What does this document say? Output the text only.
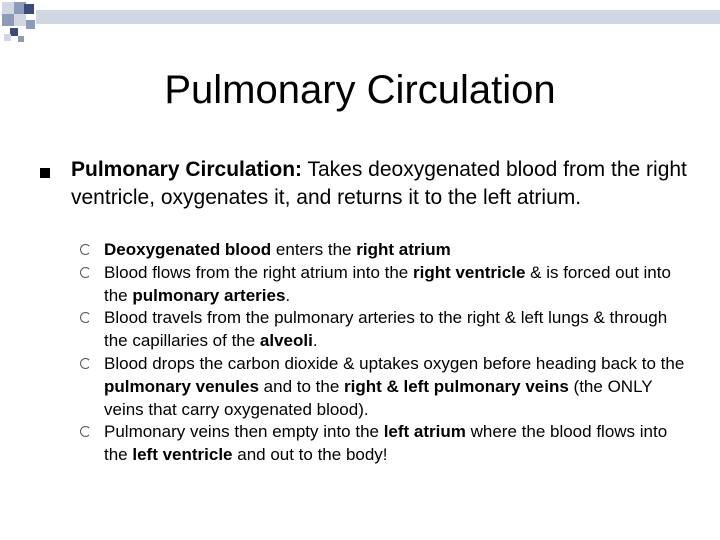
Pulmonary Circulation
Pulmonary Circulation: Takes deoxygenated blood from the right ventricle, oxygenates it, and returns it to the left atrium.
Deoxygenated blood enters the right atrium
Blood flows from the right atrium into the right ventricle & is forced out into the pulmonary arteries.
Blood travels from the pulmonary arteries to the right & left lungs & through the capillaries of the alveoli.
Blood drops the carbon dioxide & uptakes oxygen before heading back to the pulmonary venules and to the right & left pulmonary veins (the ONLY veins that carry oxygenated blood).
Pulmonary veins then empty into the left atrium where the blood flows into the left ventricle and out to the body!
